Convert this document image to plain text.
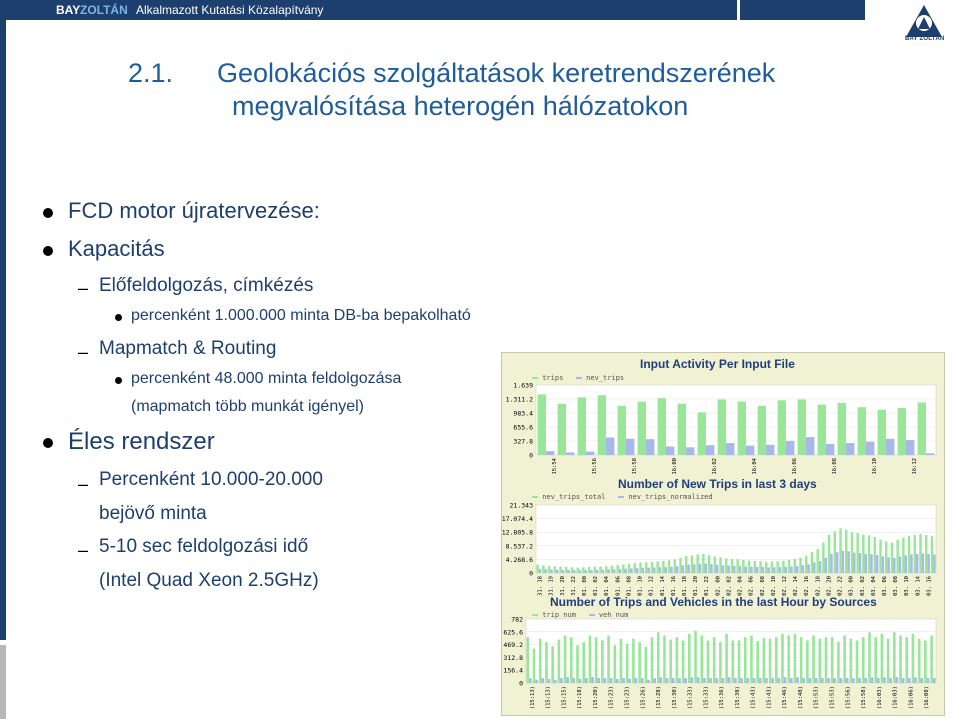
BAY ZOLTÁN Alkalmazott Kutatási Közalapítvány
BAY ZOLTÁN
2.1. Geolokációs szolgáltatások keretrendszerének
megvalósítása heterogén hálózatokon
FCD motor újratervezése:
Kapacitás
– Előfeldolgozás, címkézés
percenként 1.000.000 minta DB-ba bepakolható
– Mapmatch & Routing
percenként 48.000 minta feldolgozása
(mapmatch több munkát igényel)
Éles rendszer
– Percenként 10.000-20.000
bejövő minta
– 5-10 sec feldolgozási idő
(Intel Quad Xeon 2.5GHz)
Input Activity Per Input File
trips	nev_trips
1.639
1.311.2
983.4
655.6
327.8
0
15:54	15:56	15:58	16:00	16:02	16:04	16:06	16:08	16:10	16:12
Number of New Trips in last 3 days
nev_trips_total	nev_trips_normalized
21.343
17.074.4
12.805.8
8.537.2
4.268.6
0
31. 18 31. 19 31. 20 31. 22 01. 00 01. 02 01. 04 01. 06 01. 08 01. 10 01. 12 01. 14 01. 16 01. 18 01. 20 01. 22 02. 00 02. 02 02. 04 02. 06 02. 08 02. 10 02. 12 02. 14 02. 16 02. 18 02. 20 02. 22 03. 00 03. 02 03. 04 03. 06 03. 08 03. 10 03. 14 03. 16
Number of Trips and Vehicles in the last Hour by Sources
trip_num	veh_num
782
625.6
469.2
312.8
156.4
0
(15:13) (15:13) (15:15) (15:18) (15:20) (15:23) (15:23) (15:26) (15:28) (15:30) (15:33) (15:33) (15:36) (15:38) (15:43) (15:43) (15:46) (15:48) (15:53) (15:53) (15:56) (15:58) (16:03) (16:03) (16:06) (16:08)
